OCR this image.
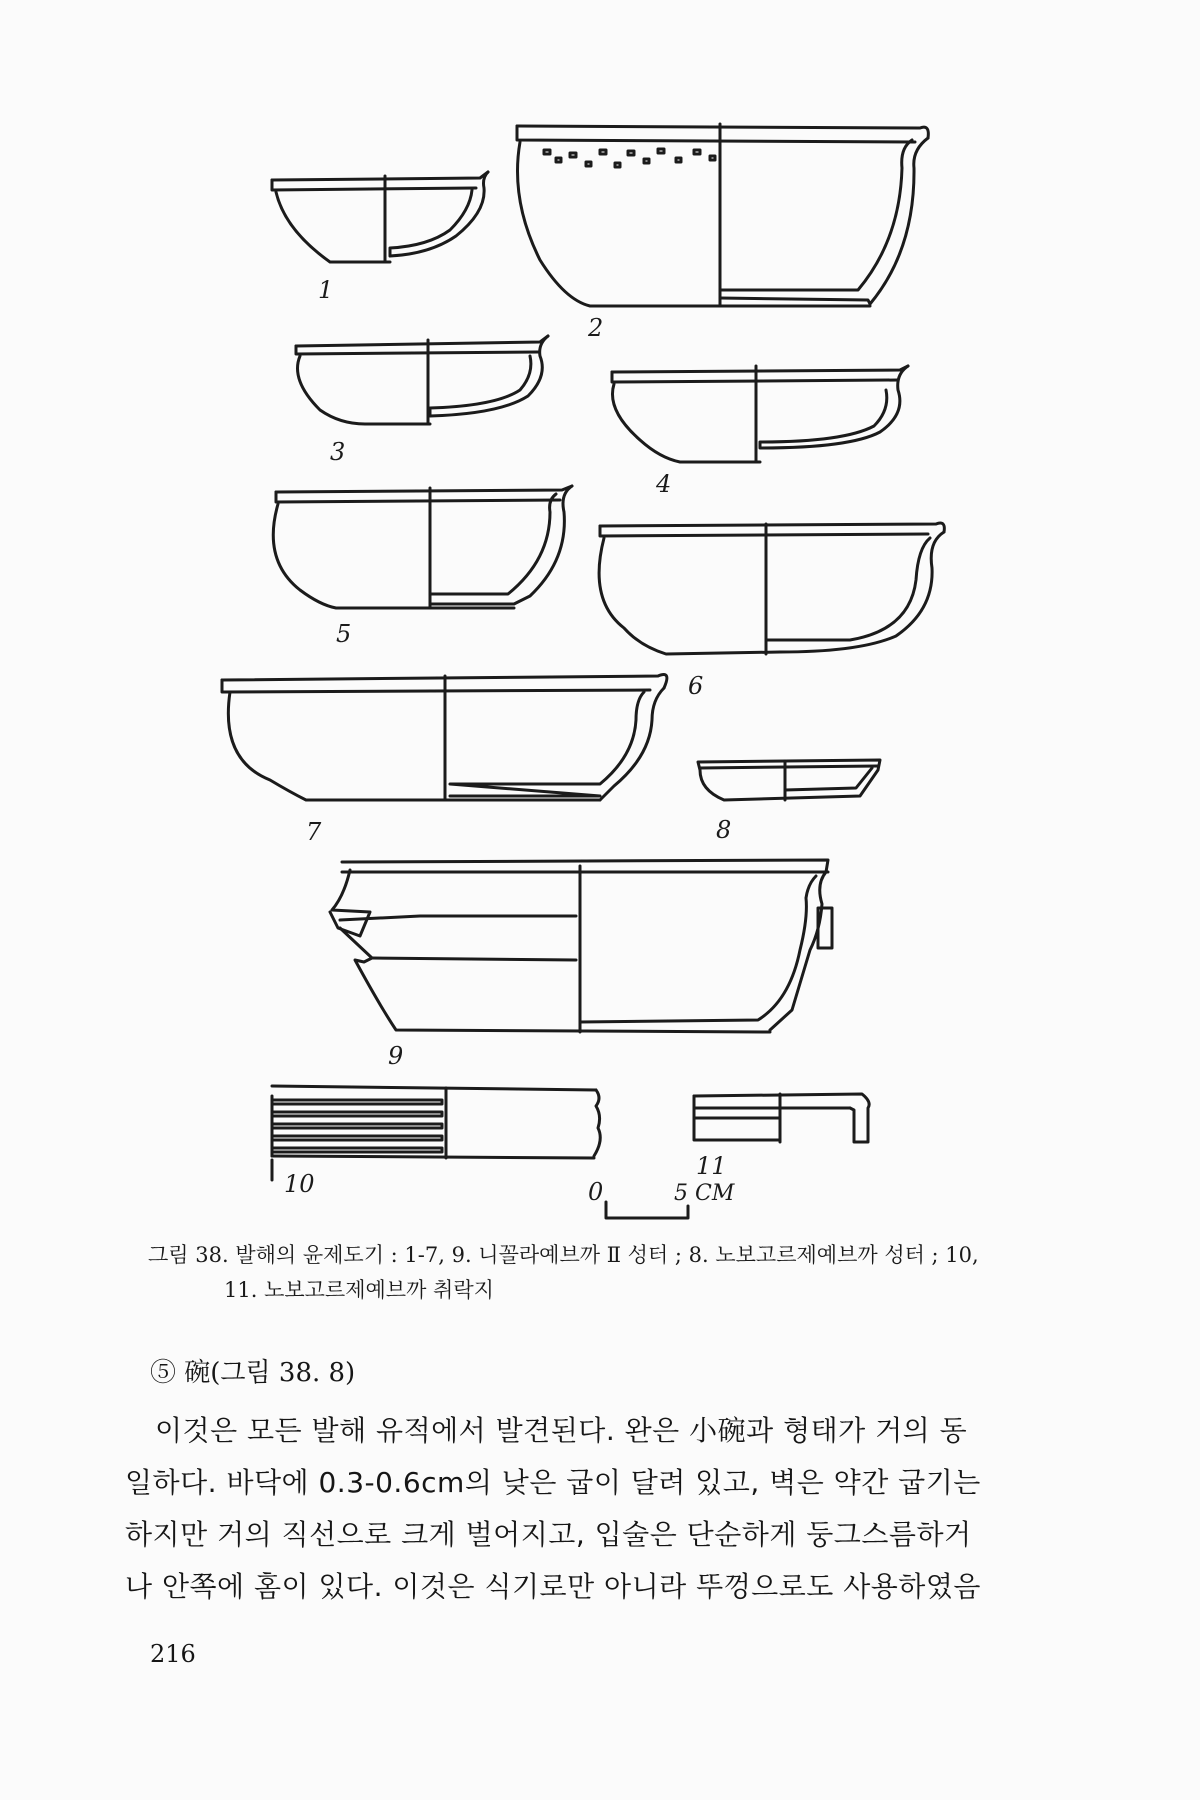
1
2
3
4
5
6
7	8
9
10
11
0	5 CM
그림 38. 발해의 윤제도기 : 1-7, 9. 니꼴라예브까 Ⅱ 성터 ; 8. 노보고르제예브까 성터 ; 10,
11. 노보고르제예브까 취락지
⑤ 碗(그림 38. 8)
이것은 모든 발해 유적에서 발견된다. 완은 小碗과 형태가 거의 동
일하다. 바닥에 0.3-0.6cm의 낮은 굽이 달려 있고, 벽은 약간 굽기는
하지만 거의 직선으로 크게 벌어지고, 입술은 단순하게 둥그스름하거
나 안쪽에 홈이 있다. 이것은 식기로만 아니라 뚜껑으로도 사용하였음
216
